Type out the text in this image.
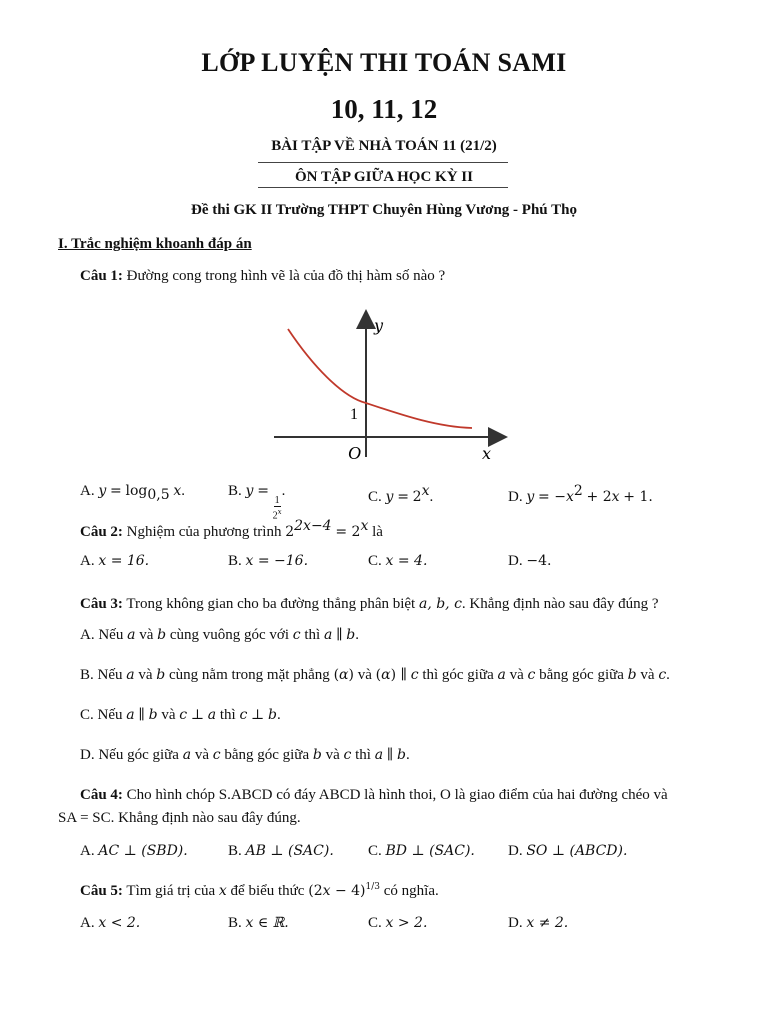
LỚP LUYỆN THI TOÁN SAMI
10, 11, 12
BÀI TẬP VỀ NHÀ TOÁN 11 (21/2)
ÔN TẬP GIỮA HỌC KỲ II
Đề thi GK II Trường THPT Chuyên Hùng Vương - Phú Thọ
I. Trắc nghiệm khoanh đáp án
Câu 1: Đường cong trong hình vẽ là của đồ thị hàm số nào ?
y
1
O	x
A. $y = \log_{0,5} x$.	B. y =
$\frac{1}{2^x}$
.	C. $y = 2^x$.	D. $y = -x^2 + 2x + 1$.
Câu 2: Nghiệm của phương trình $2^{2x-4} = 2^x$ là
A. x = 16.	B. x = −16.	C. x = 4.	D. −4.
Câu 3: Trong không gian cho ba đường thẳng phân biệt a, b, c. Khẳng định nào sau đây đúng ?
A. Nếu a và b cùng vuông góc với c thì a ∥ b.
B. Nếu a và b cùng nằm trong mặt phẳng (α) và (α) ∥ c thì góc giữa a và c bằng góc giữa b và c.
C. Nếu a ∥ b và c ⊥ a thì c ⊥ b.
D. Nếu góc giữa a và c bằng góc giữa b và c thì a ∥ b.
Câu 4: Cho hình chóp S.ABCD có đáy ABCD là hình thoi, O là giao điểm của hai đường chéo và
SA = SC. Khẳng định nào sau đây đúng.
A. AC ⊥ (SBD).	B. AB ⊥ (SAC). C. BD ⊥ (SAC). D. SO ⊥ (ABCD).
Câu 5: Tìm giá trị của x để biểu thức $(2x - 4)^{1/3}$ có nghĩa.
A. x < 2.	B. x ∈ ℝ.	C. x > 2.	D. x ≠ 2.
